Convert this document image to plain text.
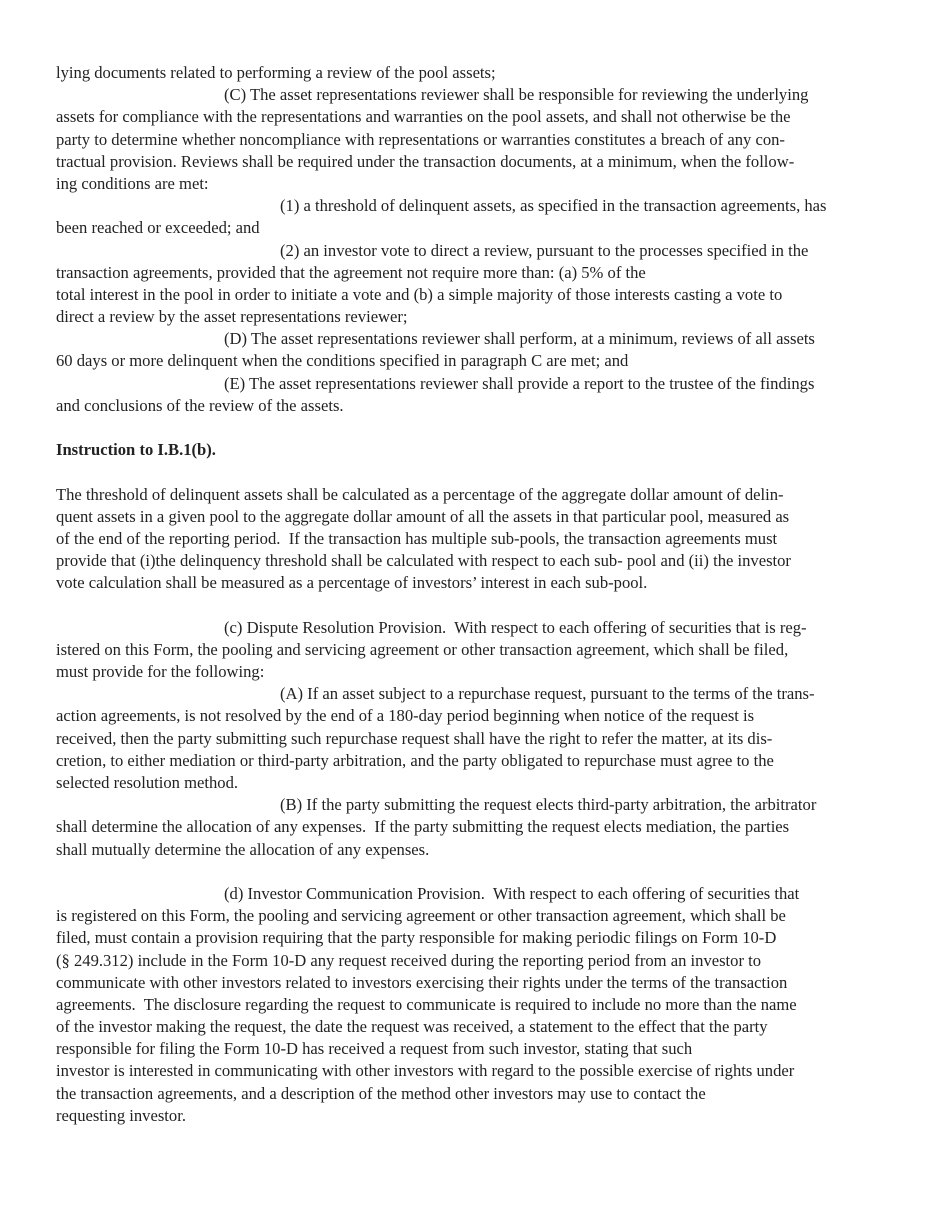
lying documents related to performing a review of the pool assets;
(C) The asset representations reviewer shall be responsible for reviewing the underlying
assets for compliance with the representations and warranties on the pool assets, and shall not otherwise be the
party to determine whether noncompliance with representations or warranties constitutes a breach of any con-
tractual provision. Reviews shall be required under the transaction documents, at a minimum, when the follow-
ing conditions are met:
(1) a threshold of delinquent assets, as specified in the transaction agreements, has
been reached or exceeded; and
(2) an investor vote to direct a review, pursuant to the processes specified in the
transaction agreements, provided that the agreement not require more than: (a) 5% of the
total interest in the pool in order to initiate a vote and (b) a simple majority of those interests casting a vote to
direct a review by the asset representations reviewer;
(D) The asset representations reviewer shall perform, at a minimum, reviews of all assets
60 days or more delinquent when the conditions specified in paragraph C are met; and
(E) The asset representations reviewer shall provide a report to the trustee of the findings
and conclusions of the review of the assets.
Instruction to I.B.1(b).
The threshold of delinquent assets shall be calculated as a percentage of the aggregate dollar amount of delin-
quent assets in a given pool to the aggregate dollar amount of all the assets in that particular pool, measured as
of the end of the reporting period.  If the transaction has multiple sub-pools, the transaction agreements must
provide that (i)the delinquency threshold shall be calculated with respect to each sub- pool and (ii) the investor
vote calculation shall be measured as a percentage of investors’ interest in each sub-pool.
(c) Dispute Resolution Provision.  With respect to each offering of securities that is reg-
istered on this Form, the pooling and servicing agreement or other transaction agreement, which shall be filed,
must provide for the following:
(A) If an asset subject to a repurchase request, pursuant to the terms of the trans-
action agreements, is not resolved by the end of a 180-day period beginning when notice of the request is
received, then the party submitting such repurchase request shall have the right to refer the matter, at its dis-
cretion, to either mediation or third-party arbitration, and the party obligated to repurchase must agree to the
selected resolution method.
(B) If the party submitting the request elects third-party arbitration, the arbitrator
shall determine the allocation of any expenses.  If the party submitting the request elects mediation, the parties
shall mutually determine the allocation of any expenses.
(d) Investor Communication Provision.  With respect to each offering of securities that
is registered on this Form, the pooling and servicing agreement or other transaction agreement, which shall be
filed, must contain a provision requiring that the party responsible for making periodic filings on Form 10-D
(§ 249.312) include in the Form 10-D any request received during the reporting period from an investor to
communicate with other investors related to investors exercising their rights under the terms of the transaction
agreements.  The disclosure regarding the request to communicate is required to include no more than the name
of the investor making the request, the date the request was received, a statement to the effect that the party
responsible for filing the Form 10-D has received a request from such investor, stating that such
investor is interested in communicating with other investors with regard to the possible exercise of rights under
the transaction agreements, and a description of the method other investors may use to contact the
requesting investor.
